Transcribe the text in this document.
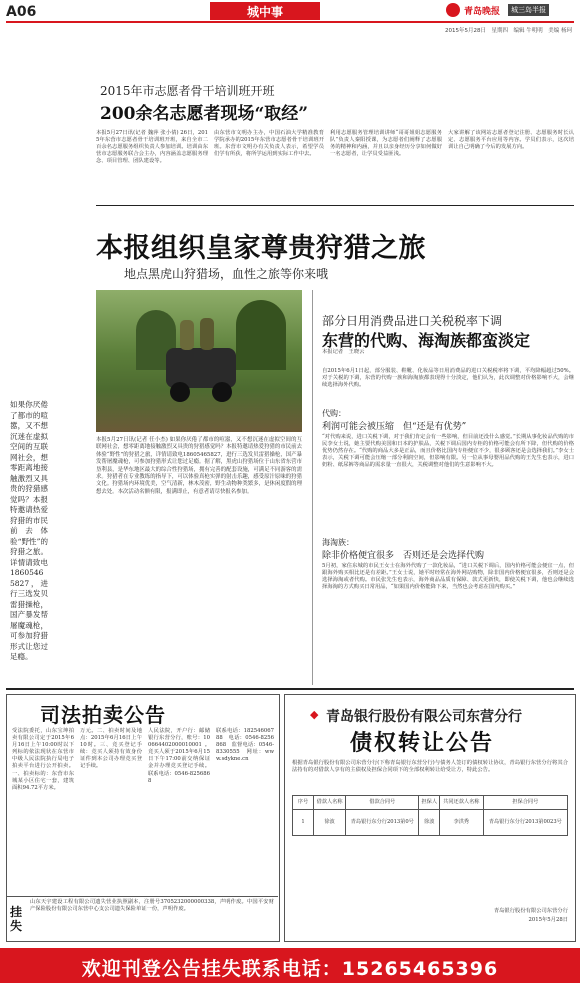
A06	城中事	青岛晚报	城三岛半报
2015年5月28日　星期四　编辑 牛明明　美编 杨珂
2015年市志愿者骨干培训班开班
200余名志愿者现场“取经”
本报5月27日讯(记者 魏萍 张小倩) 26日，2015年东营市志愿者骨干培训班开班，来自全市二百余名志愿服务组织负责人参加培训。培训由东营市志愿服务联合会主办，内容涵盖志愿服务理念、项目管理、团队建设等。
由东营市文明办主办，中国石油大学精准教育学院承办的2015年东营市志愿者骨干培训班开班。东营市文明办有关负责人表示，希望学员们学有所获，将所学运用到实际工作中去。
利用志愿服务管理培训讲师“哥哥姐姐志愿服务队”负责人秦阳授课，为志愿者们阐释了志愿服务的精神和内涵，并且以亲身经历分享如何做好一名志愿者，让学员受益匪浅。
大家讲解了该网站志愿者登记注册、志愿服务时长认定、志愿服务平台应用等内容。学员们表示，这次培训让自己明确了今后的发展方向。
本报组织皇家尊贵狩猎之旅
地点黑虎山狩猎场，血性之旅等你来哦
如果你厌倦了都市的喧嚣，又不想沉迷在虚拟空间的互联网社会，想零距离地接触激烈又具贵的狩猎感觉吗？本报特邀请热爱狩猎的市民前去体验“野性”的狩猎之旅。详情请致电18605465827，进行三选发贝雷猎操枪，国产暴发帮屠魔魂枪，可参加狩猎形式让您过足瘾。
本报5月27日讯(记者 任小杰) 如果你厌倦了都市的喧嚣，又不想沉迷在虚拟空间的互联网社会，想零距离地接触激烈又具贵的狩猎感觉吗？本报特邀请热爱狩猎的市民前去体验“野性”的狩猎之旅，详情请致电18605465827，进行三选发贝雷猎操枪，国产暴发帮屠魔魂枪，可参加狩猎形式让您过足瘾。据了解，黑虎山狩猎场位于山东省东营市垦利县，是华东地区最大的综合性狩猎场，拥有完善的配套设施，可满足不同游客的需求。狩猎者在专业教练的指导下，可以体验真枪实弹的射击乐趣，感受原汁原味的狩猎文化。狩猎场内环境优美，空气清新，林木茂密，野生动物种类繁多，是休闲度假的理想去处。本次活动名额有限，报满即止，有意者请尽快报名参加。
部分日用消费品进口关税税率下调
东营的代购、海淘族都蛮淡定
本报记者　王晓云
自2015年6月1日起，部分服装、鞋靴、化妆品等日用消费品的进口关税税率将下调，平均降幅超过50%。对于关税的下调，东营的代购一族和海淘族都表现得十分淡定，他们认为，此次调整对价格影响不大，会继续选择海外代购。
代购：
利润可能会被压缩　但“还是有优势”
“对代购来说，进口关税下调，对于我们肯定会有一些影响，但目前还没什么感觉。”长期从事化妆品代购的市民李女士说，她主要代购美国和日本的护肤品，关税下调后国内专柜的价格可能会有所下降，但代购的价格优势仍然存在。“代购的商品大多是正品，而且价格比国内专柜便宜不少，很多顾客还是会选择我们。”李女士表示，关税下调可能会压缩一部分利润空间，但影响有限。另一位从事母婴用品代购的王先生也表示，进口奶粉、纸尿裤等商品的需求量一直很大，关税调整对他们的生意影响不大。
海淘族：
除非价格便宜很多　否则还是会选择代购
5月初，家住东城的市民王女士在海外代购了一款化妆品，“进口关税下调后，国内价格可能会便宜一点，但跟海外购买相比还是有差距。”王女士说，她平时经常在海外网站购物，除非国内价格便宜很多，否则还是会选择海淘或者代购。市民张先生也表示，海外商品品质有保障、款式更新快，即使关税下调，他也会继续选择海淘的方式购买日常用品，“如果国内价格能降下来，当然也会考虑在国内购买。”
司法拍卖公告
受法院委托，山东宝坤拍卖有限公司定于2015年6月16日上午10:00时以下列标的依法现状在东营市中级人民法院执行局电子拍卖平台进行公开拍卖。一、拍卖标的：东营市东城某小区住宅一套，建筑面积94.72平方米。
万元。二、拍卖时间及地点：2015年6月16日上午10时。三、竞买登记手续：竞买人须持有效身份证件到本公司办理竞买登记手续。
人民法院，开户行：邮储银行东营分行，账号：100664402000010001。竞买人须于2015年6月15日下午17:00前交纳保证金并办理竞买登记手续。联系电话：0546-8256868
联系电话：18254606788　电话：0546-8256868　监督电话：0546-8330555　网址：www.sdykne.cn
挂失
山东天宇建设工程有限公司遗失营业执照副本，注册号3705232000000338，声明作废。中国平安财产保险股份有限公司东营中心支公司遗失保险单证一份，声明作废。
◆ 青岛银行股份有限公司东营分行
债权转让公告
根据青岛银行股份有限公司东营分行(下称青岛银行东营分行)与债务人签订的债权转让协议，青岛银行东营分行将其合法持有的对借款人享有的主债权及担保合同项下的全部权利转让给受让方，特此公告。
序号	借款人名称	借款合同号	担保人	共同还款人名称	担保合同号
1	徐波	青岛银行东分行2013第0号	徐波	李洪秀	青岛银行东分行2013第0023号
青岛银行股份有限公司东营分行
2015年5月28日
欢迎刊登公告挂失联系电话：15265465396
